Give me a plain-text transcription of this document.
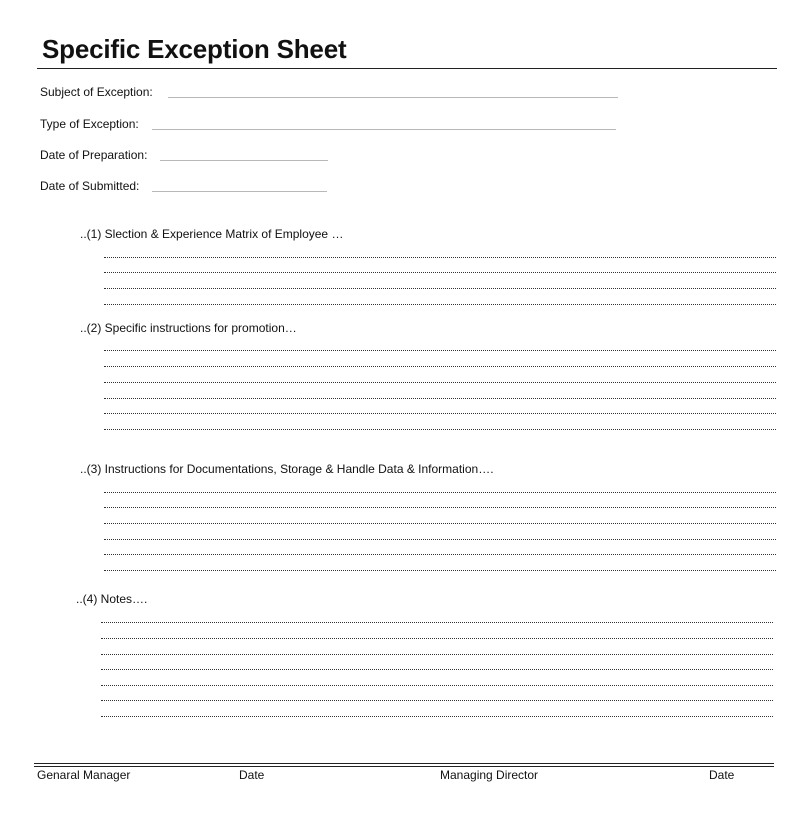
Specific Exception Sheet
Subject of Exception:
Type of Exception:
Date of Preparation:
Date of Submitted:
..(1) Slection & Experience Matrix of Employee …
..(2) Specific instructions for promotion…
..(3) Instructions for Documentations, Storage & Handle Data & Information….
..(4) Notes….
Genaral Manager	Date	Managing Director	Date
